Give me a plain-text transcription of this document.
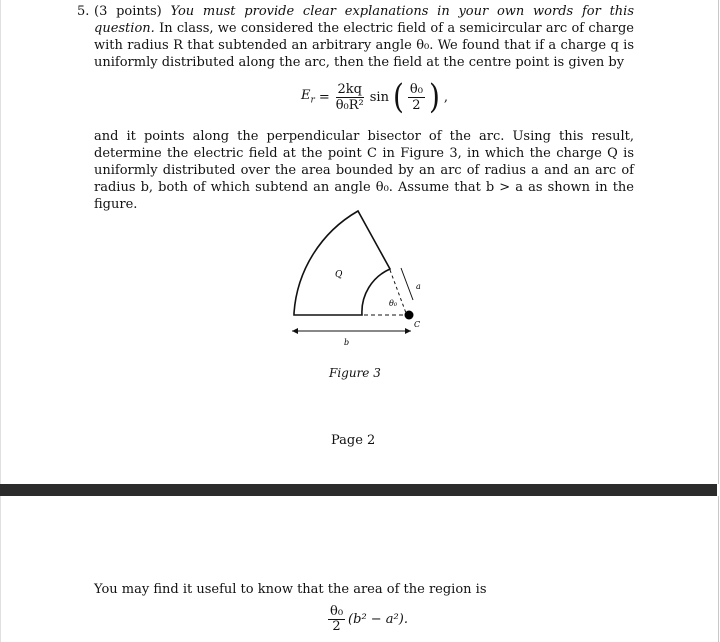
5. (3 points) You must provide clear explanations in your own words for this question. In class, we considered the electric field of a semicircular arc of charge with radius R that subtended an arbitrary angle θ₀. We found that if a charge q is uniformly distributed along the arc, then the field at the centre point is given by

$E_r = \frac{2kq}{\text{θ₀R²}}$ sin ( $\frac{\text{θ₀}}{2}$ ) ,

and it points along the perpendicular bisector of the arc. Using this result, determine the electric field at the point C in Figure 3, in which the charge Q is uniformly distributed over the area bounded by an arc of radius a and an arc of radius b, both of which subtend an angle θ₀. Assume that b > a as shown in the figure.

Q
θ₀
a
C
b
Figure 3
Page 2
You may find it useful to know that the area of the region is
$\frac{\text{θ₀}}{2} (b^2 - a^2)$.
